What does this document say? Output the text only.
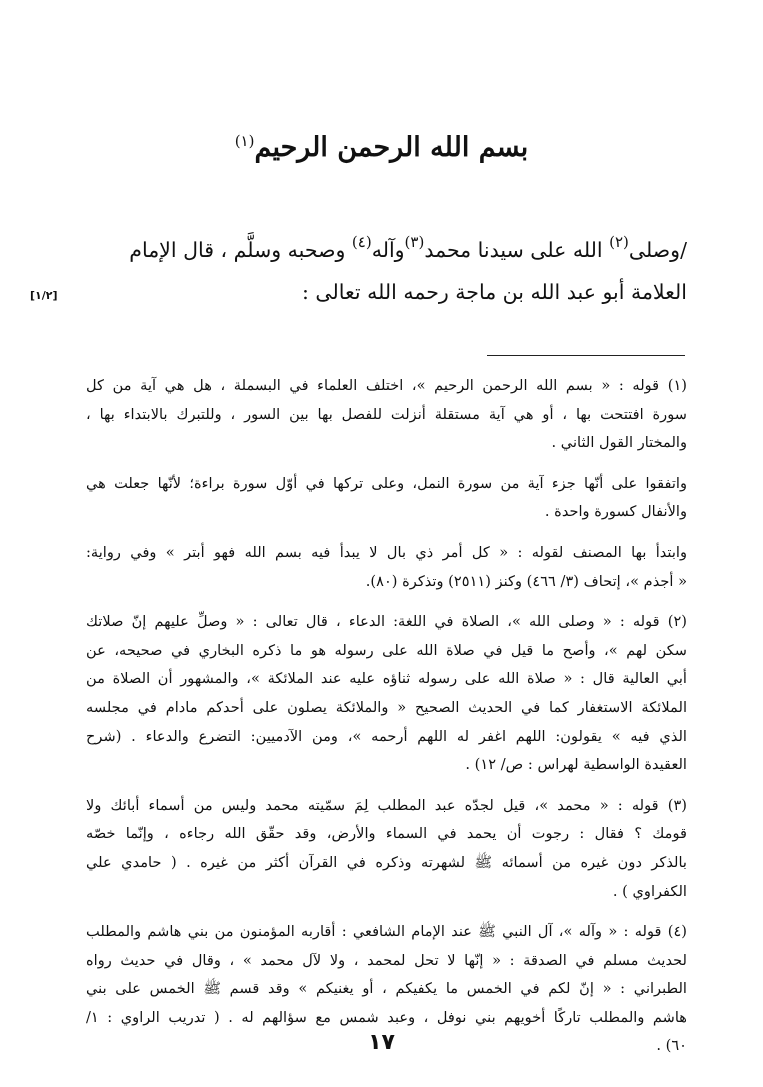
بسم الله الرحمن الرحيم$^{(١)}$
/وصلى$^{(٢)}$ الله على سيدنا محمد$^{(٣)}$وآله$^{(٤)}$ وصحبه وسلَّم ، قال الإمام
العلامة أبو عبد الله بن ماجة رحمه الله تعالى :
[١/٢]
(١) قوله : « بسم الله الرحمن الرحيم »، اختلف العلماء في البسملة ، هل هي آية من كل
سورة افتتحت بها ، أو هي آية مستقلة أنزلت للفصل بها بين السور ، وللتبرك بالابتداء بها ،
والمختار القول الثاني .
واتفقوا على أنّها جزء آية من سورة النمل، وعلى تركها في أوّل سورة براءة؛ لأنّها جعلت هي
والأنفال كسورة واحدة .
وابتدأ بها المصنف لقوله : « كل أمر ذي بال لا يبدأ فيه بسم الله فهو أبتر » وفي رواية:
« أجذم »، إتحاف (٣/ ٤٦٦) وكنز (٢٥١١) وتذكرة (٨٠).
(٢) قوله : « وصلى الله »، الصلاة في اللغة: الدعاء ، قال تعالى : « وصلِّ عليهم إنّ صلاتك
سكن لهم »، وأصح ما قيل في صلاة الله على رسوله هو ما ذكره البخاري في صحيحه، عن
أبي العالية قال : « صلاة الله على رسوله ثناؤه عليه عند الملائكة »، والمشهور أن الصلاة من
الملائكة الاستغفار كما في الحديث الصحيح « والملائكة يصلون على أحدكم مادام في مجلسه
الذي فيه » يقولون: اللهم اغفر له اللهم أرحمه »، ومن الآدميين: التضرع والدعاء . (شرح
العقيدة الواسطية لهراس : ص/ ١٢) .
(٣) قوله : « محمد »، قيل لجدّه عبد المطلب لِمَ سمّيته محمد وليس من أسماء أبائك ولا
قومك ؟ فقال : رجوت أن يحمد في السماء والأرض، وقد حقّق الله رجاءه ، وإنّما خصّه
بالذكر دون غيره من أسمائه ﷺ لشهرته وذكره في القرآن أكثر من غيره . ( حامدي علي
الكفراوي ) .
(٤) قوله : « وآله »، آل النبي ﷺ عند الإمام الشافعي : أقاربه المؤمنون من بني هاشم والمطلب
لحديث مسلم في الصدقة : « إنّها لا تحل لمحمد ، ولا لآل محمد » ، وقال في حديث رواه
الطبراني : « إنّ لكم في الخمس ما يكفيكم ، أو يغنيكم » وقد قسم ﷺ الخمس على بني
هاشم والمطلب تاركًا أخويهم بني نوفل ، وعبد شمس مع سؤالهم له . ( تدريب الراوي : ١/
٦٠) .
١٧
